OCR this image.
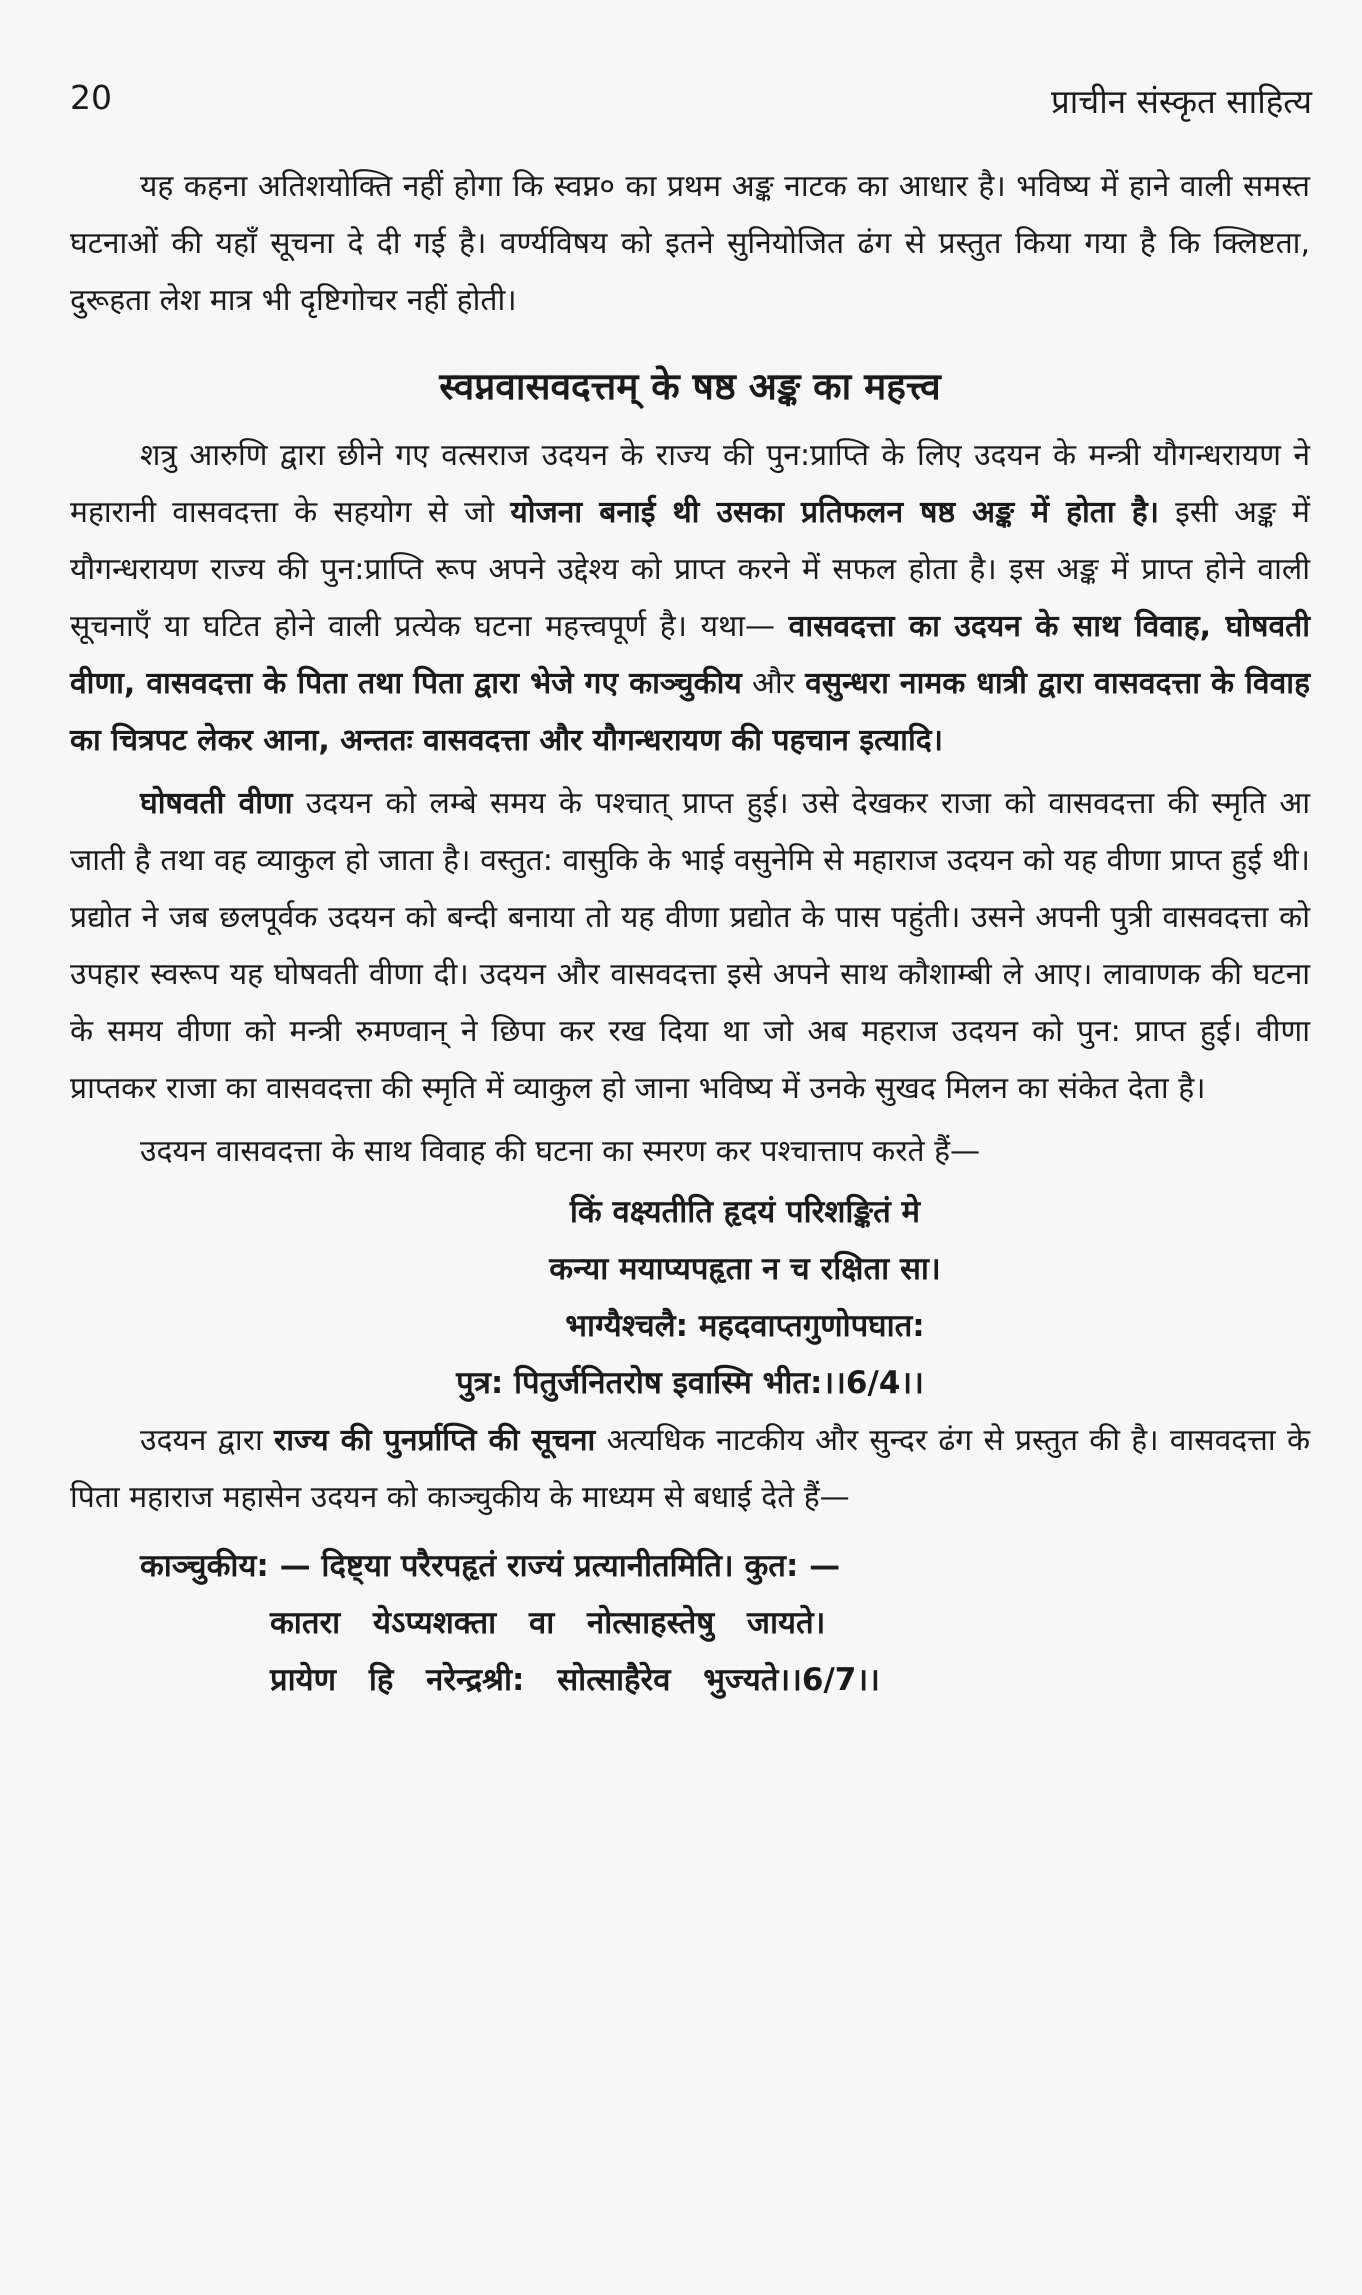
20	प्राचीन संस्कृत साहित्य

यह कहना अतिशयोक्ति नहीं होगा कि स्वप्न० का प्रथम अङ्क नाटक का आधार है। भविष्य में हाने वाली समस्त घटनाओं की यहाँ सूचना दे दी गई है। वर्ण्यविषय को इतने सुनियोजित ढंग से प्रस्तुत किया गया है कि क्लिष्टता, दुरूहता लेश मात्र भी दृष्टिगोचर नहीं होती।

स्वप्नवासवदत्तम् के षष्ठ अङ्क का महत्त्व

शत्रु आरुणि द्वारा छीने गए वत्सराज उदयन के राज्य की पुन:प्राप्ति के लिए उदयन के मन्त्री यौगन्धरायण ने महारानी वासवदत्ता के सहयोग से जो योजना बनाई थी उसका प्रतिफलन षष्ठ अङ्क में होता है। इसी अङ्क में यौगन्धरायण राज्य की पुन:प्राप्ति रूप अपने उद्देश्य को प्राप्त करने में सफल होता है। इस अङ्क में प्राप्त होने वाली सूचनाएँ या घटित होने वाली प्रत्येक घटना महत्त्वपूर्ण है। यथा— वासवदत्ता का उदयन के साथ विवाह, घोषवती वीणा, वासवदत्ता के पिता तथा पिता द्वारा भेजे गए काञ्चुकीय और वसुन्धरा नामक धात्री द्वारा वासवदत्ता के विवाह का चित्रपट लेकर आना, अन्ततः वासवदत्ता और यौगन्धरायण की पहचान इत्यादि।

घोषवती वीणा उदयन को लम्बे समय के पश्चात् प्राप्त हुई। उसे देखकर राजा को वासवदत्ता की स्मृति आ जाती है तथा वह व्याकुल हो जाता है। वस्तुत: वासुकि के भाई वसुनेमि से महाराज उदयन को यह वीणा प्राप्त हुई थी। प्रद्योत ने जब छलपूर्वक उदयन को बन्दी बनाया तो यह वीणा प्रद्योत के पास पहुंती। उसने अपनी पुत्री वासवदत्ता को उपहार स्वरूप यह घोषवती वीणा दी। उदयन और वासवदत्ता इसे अपने साथ कौशाम्बी ले आए। लावाणक की घटना के समय वीणा को मन्त्री रुमण्वान् ने छिपा कर रख दिया था जो अब महराज उदयन को पुन: प्राप्त हुई। वीणा प्राप्तकर राजा का वासवदत्ता की स्मृति में व्याकुल हो जाना भविष्य में उनके सुखद मिलन का संकेत देता है।

उदयन वासवदत्ता के साथ विवाह की घटना का स्मरण कर पश्चात्ताप करते हैं—

किं वक्ष्यतीति हृदयं परिशङ्कितं मे
कन्या मयाप्यपहृता न च रक्षिता सा।
भाग्यैश्चलै: महदवाप्तगुणोपघात:
पुत्र: पितुर्जनितरोष इवास्मि भीत:।।6/4।।

उदयन द्वारा राज्य की पुनर्प्राप्ति की सूचना अत्यधिक नाटकीय और सुन्दर ढंग से प्रस्तुत की है। वासवदत्ता के पिता महाराज महासेन उदयन को काञ्चुकीय के माध्यम से बधाई देते हैं—

काञ्चुकीय: — दिष्ट्या परैरपहृतं राज्यं प्रत्यानीतमिति। कुत: —
कातरा येऽप्यशक्ता वा नोत्साहस्तेषु जायते।
प्रायेण हि नरेन्द्रश्री: सोत्साहैरेव भुज्यते।।6/7।।
